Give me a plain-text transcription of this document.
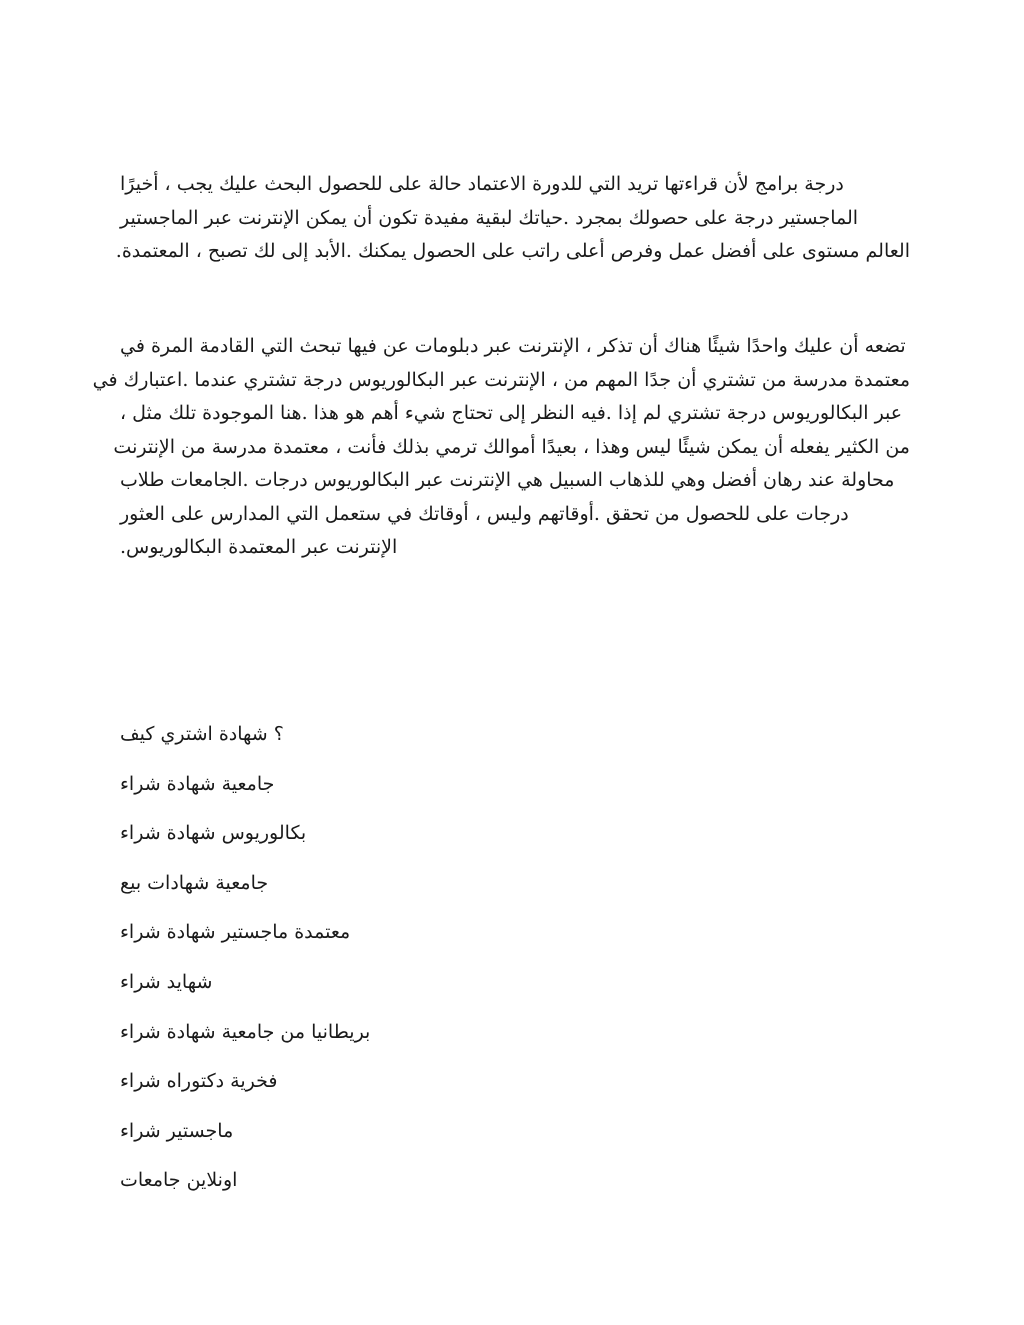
درجة برامج لأن قراءتها تريد التي للدورة الاعتماد حالة على للحصول البحث عليك يجب ، أخيرًا
الماجستير درجة على حصولك بمجرد .حياتك لبقية مفيدة تكون أن يمكن الإنترنت عبر الماجستير
العالم مستوى على أفضل عمل وفرص أعلى راتب على الحصول يمكنك .الأبد إلى لك تصبح ، المعتمدة.

تضعه أن عليك واحدًا شيئًا هناك أن تذكر ، الإنترنت عبر دبلومات عن فيها تبحث التي القادمة المرة في
معتمدة مدرسة من تشتري أن جدًا المهم من ، الإنترنت عبر البكالوريوس درجة تشتري عندما .اعتبارك في
عبر البكالوريوس درجة تشتري لم إذا .فيه النظر إلى تحتاج شيء أهم هو هذا .هنا الموجودة تلك مثل ،
من الكثير يفعله أن يمكن شيئًا ليس وهذا ، بعيدًا أموالك ترمي بذلك فأنت ، معتمدة مدرسة من الإنترنت
محاولة عند رهان أفضل وهي للذهاب السبيل هي الإنترنت عبر البكالوريوس درجات .الجامعات طلاب
درجات على للحصول من تحقق .أوقاتهم وليس ، أوقاتك في ستعمل التي المدارس على العثور
الإنترنت عبر المعتمدة البكالوريوس.

؟ شهادة اشتري كيف
جامعية شهادة شراء
بكالوريوس شهادة شراء
جامعية شهادات بيع
معتمدة ماجستير شهادة شراء
شهايد شراء
بريطانيا من جامعية شهادة شراء
فخرية دكتوراه شراء
ماجستير شراء
اونلاين جامعات
